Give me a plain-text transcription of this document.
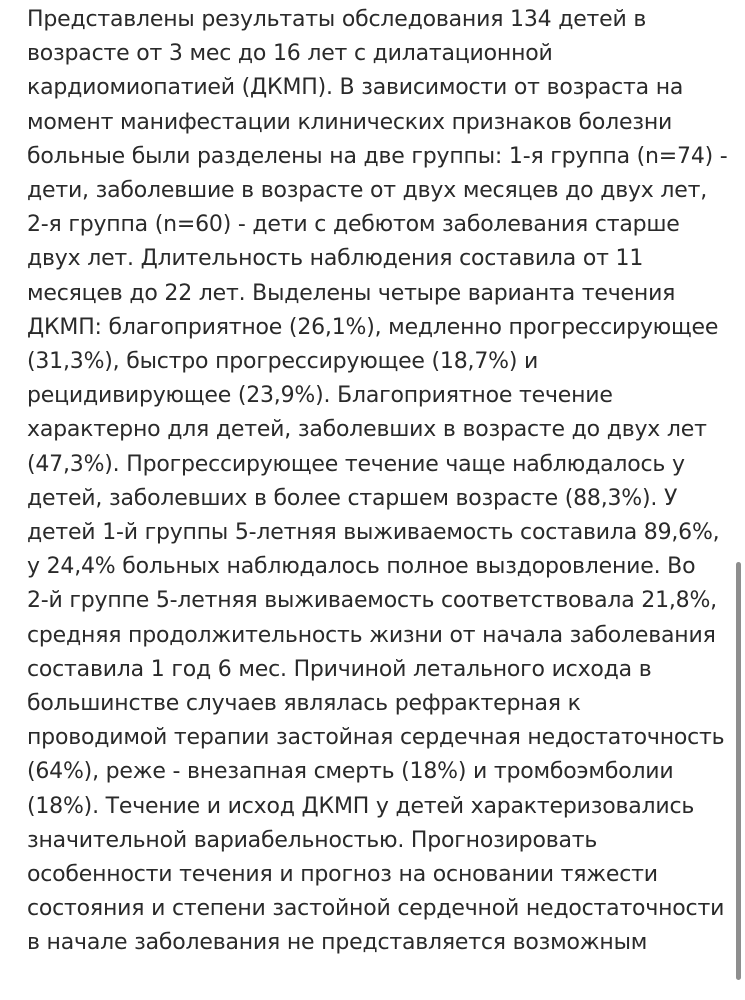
Представлены результаты обследования 134 детей в
возрасте от 3 мес до 16 лет с дилатационной
кардиомиопатией (ДКМП). В зависимости от возраста на
момент манифестации клинических признаков болезни
больные были разделены на две группы: 1-я группа (n=74) -
дети, заболевшие в возрасте от двух месяцев до двух лет,
2-я группа (n=60) - дети с дебютом заболевания старше
двух лет. Длительность наблюдения составила от 11
месяцев до 22 лет. Выделены четыре варианта течения
ДКМП: благоприятное (26,1%), медленно прогрессирующее
(31,3%), быстро прогрессирующее (18,7%) и
рецидивирующее (23,9%). Благоприятное течение
характерно для детей, заболевших в возрасте до двух лет
(47,3%). Прогрессирующее течение чаще наблюдалось у
детей, заболевших в более старшем возрасте (88,3%). У
детей 1-й группы 5-летняя выживаемость составила 89,6%,
у 24,4% больных наблюдалось полное выздоровление. Во
2-й группе 5-летняя выживаемость соответствовала 21,8%,
средняя продолжительность жизни от начала заболевания
составила 1 год 6 мес. Причиной летального исхода в
большинстве случаев являлась рефрактерная к
проводимой терапии застойная сердечная недостаточность
(64%), реже - внезапная смерть (18%) и тромбоэмболии
(18%). Течение и исход ДКМП у детей характеризовались
значительной вариабельностью. Прогнозировать
особенности течения и прогноз на основании тяжести
состояния и степени застойной сердечной недостаточности
в начале заболевания не представляется возможным
